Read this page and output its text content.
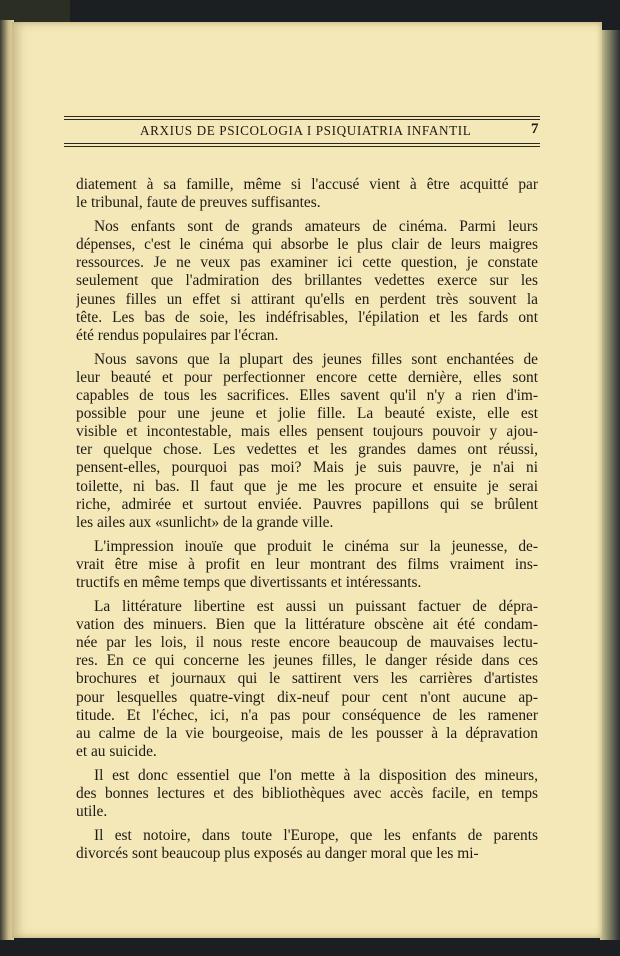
ARXIUS DE PSICOLOGIA I PSIQUIATRIA INFANTIL	7
diatement à sa famille, même si l'accusé vient à être acquitté par
le tribunal, faute de preuves suffisantes.
Nos enfants sont de grands amateurs de cinéma. Parmi leurs
dépenses, c'est le cinéma qui absorbe le plus clair de leurs maigres
ressources. Je ne veux pas examiner ici cette question, je constate
seulement que l'admiration des brillantes vedettes exerce sur les
jeunes filles un effet si attirant qu'ells en perdent très souvent la
tête. Les bas de soie, les indéfrisables, l'épilation et les fards ont
été rendus populaires par l'écran.
Nous savons que la plupart des jeunes filles sont enchantées de
leur beauté et pour perfectionner encore cette dernière, elles sont
capables de tous les sacrifices. Elles savent qu'il n'y a rien d'im-
possible pour une jeune et jolie fille. La beauté existe, elle est
visible et incontestable, mais elles pensent toujours pouvoir y ajou-
ter quelque chose. Les vedettes et les grandes dames ont réussi,
pensent-elles, pourquoi pas moi? Mais je suis pauvre, je n'ai ni
toilette, ni bas. Il faut que je me les procure et ensuite je serai
riche, admirée et surtout enviée. Pauvres papillons qui se brûlent
les ailes aux «sunlicht» de la grande ville.
L'impression inouïe que produit le cinéma sur la jeunesse, de-
vrait être mise à profit en leur montrant des films vraiment ins-
tructifs en même temps que divertissants et intéressants.
La littérature libertine est aussi un puissant factuer de dépra-
vation des minuers. Bien que la littérature obscène ait été condam-
née par les lois, il nous reste encore beaucoup de mauvaises lectu-
res. En ce qui concerne les jeunes filles, le danger réside dans ces
brochures et journaux qui le sattirent vers les carrières d'artistes
pour lesquelles quatre-vingt dix-neuf pour cent n'ont aucune ap-
titude. Et l'échec, ici, n'a pas pour conséquence de les ramener
au calme de la vie bourgeoise, mais de les pousser à la dépravation
et au suicide.
Il est donc essentiel que l'on mette à la disposition des mineurs,
des bonnes lectures et des bibliothèques avec accès facile, en temps
utile.
Il est notoire, dans toute l'Europe, que les enfants de parents
divorcés sont beaucoup plus exposés au danger moral que les mi-
